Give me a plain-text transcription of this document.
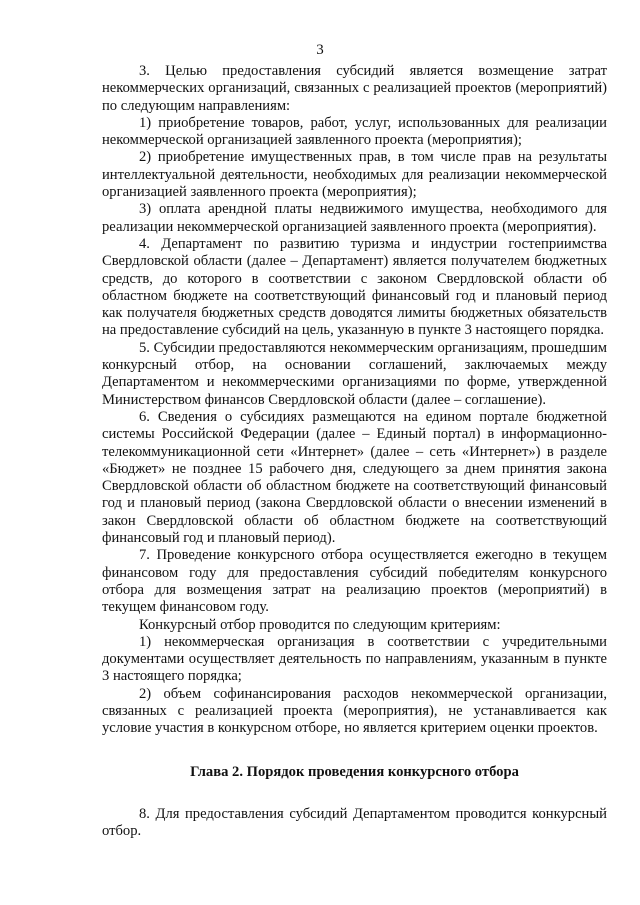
3

3. Целью предоставления субсидий является возмещение затрат некоммерческих организаций, связанных с реализацией проектов (мероприятий) по следующим направлениям:

1) приобретение товаров, работ, услуг, использованных для реализации некоммерческой организацией заявленного проекта (мероприятия);

2) приобретение имущественных прав, в том числе прав на результаты интеллектуальной деятельности, необходимых для реализации некоммерческой организацией заявленного проекта (мероприятия);

3) оплата арендной платы недвижимого имущества, необходимого для реализации некоммерческой организацией заявленного проекта (мероприятия).

4. Департамент по развитию туризма и индустрии гостеприимства Свердловской области (далее – Департамент) является получателем бюджетных средств, до которого в соответствии с законом Свердловской области об областном бюджете на соответствующий финансовый год и плановый период как получателя бюджетных средств доводятся лимиты бюджетных обязательств на предоставление субсидий на цель, указанную в пункте 3 настоящего порядка.

5. Субсидии предоставляются некоммерческим организациям, прошедшим конкурсный отбор, на основании соглашений, заключаемых между Департаментом и некоммерческими организациями по форме, утвержденной Министерством финансов Свердловской области (далее – соглашение).

6. Сведения о субсидиях размещаются на едином портале бюджетной системы Российской Федерации (далее – Единый портал) в информационно-телекоммуникационной сети «Интернет» (далее – сеть «Интернет») в разделе «Бюджет» не позднее 15 рабочего дня, следующего за днем принятия закона Свердловской области об областном бюджете на соответствующий финансовый год и плановый период (закона Свердловской области о внесении изменений в закон Свердловской области об областном бюджете на соответствующий финансовый год и плановый период).

7. Проведение конкурсного отбора осуществляется ежегодно в текущем финансовом году для предоставления субсидий победителям конкурсного отбора для возмещения затрат на реализацию проектов (мероприятий) в текущем финансовом году.

Конкурсный отбор проводится по следующим критериям:

1) некоммерческая организация в соответствии с учредительными документами осуществляет деятельность по направлениям, указанным в пункте 3 настоящего порядка;

2) объем софинансирования расходов некоммерческой организации, связанных с реализацией проекта (мероприятия), не устанавливается как условие участия в конкурсном отборе, но является критерием оценки проектов.

Глава 2. Порядок проведения конкурсного отбора

8. Для предоставления субсидий Департаментом проводится конкурсный отбор.
